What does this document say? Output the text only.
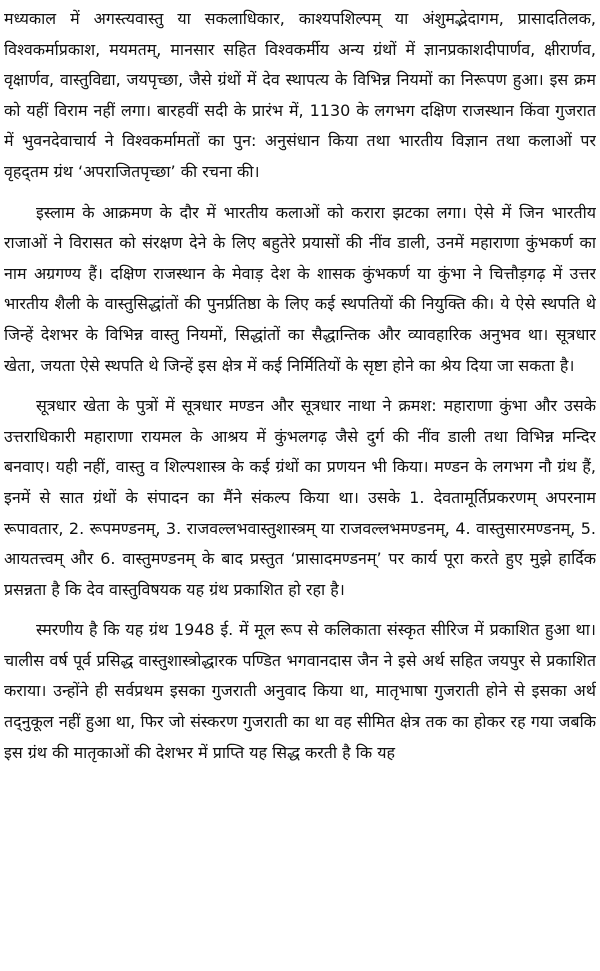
मध्यकाल में अगस्त्यवास्तु या सकलाधिकार, काश्यपशिल्पम् या अंशुमद्भेदागम, प्रासादतिलक, विश्वकर्माप्रकाश, मयमतम्, मानसार सहित विश्वकर्मीय अन्य ग्रंथों में ज्ञानप्रकाशदीपार्णव, क्षीरार्णव, वृक्षार्णव, वास्तुविद्या, जयपृच्छा, जैसे ग्रंथों में देव स्थापत्य के विभिन्न नियमों का निरूपण हुआ। इस क्रम को यहीं विराम नहीं लगा। बारहवीं सदी के प्रारंभ में, 1130 के लगभग दक्षिण राजस्थान किंवा गुजरात में भुवनदेवाचार्य ने विश्वकर्मामतों का पुन: अनुसंधान किया तथा भारतीय विज्ञान तथा कलाओं पर वृहद्तम ग्रंथ ‘अपराजितपृच्छा’ की रचना की।

इस्लाम के आक्रमण के दौर में भारतीय कलाओं को करारा झटका लगा। ऐसे में जिन भारतीय राजाओं ने विरासत को संरक्षण देने के लिए बहुतेरे प्रयासों की नींव डाली, उनमें महाराणा कुंभकर्ण का नाम अग्रगण्य हैं। दक्षिण राजस्थान के मेवाड़ देश के शासक कुंभकर्ण या कुंभा ने चित्तौड़गढ़ में उत्तर भारतीय शैली के वास्तुसिद्धांतों की पुनर्प्रतिष्ठा के लिए कई स्थपतियों की नियुक्ति की। ये ऐसे स्थपति थे जिन्हें देशभर के विभिन्न वास्तु नियमों, सिद्धांतों का सैद्धान्तिक और व्यावहारिक अनुभव था। सूत्रधार खेता, जयता ऐसे स्थपति थे जिन्हें इस क्षेत्र में कई निर्मितियों के सृष्टा होने का श्रेय दिया जा सकता है।

सूत्रधार खेता के पुत्रों में सूत्रधार मण्डन और सूत्रधार नाथा ने क्रमश: महाराणा कुंभा और उसके उत्तराधिकारी महाराणा रायमल के आश्रय में कुंभलगढ़ जैसे दुर्ग की नींव डाली तथा विभिन्न मन्दिर बनवाए। यही नहीं, वास्तु व शिल्पशास्त्र के कई ग्रंथों का प्रणयन भी किया। मण्डन के लगभग नौ ग्रंथ हैं, इनमें से सात ग्रंथों के संपादन का मैंने संकल्प किया था। उसके 1. देवतामूर्तिप्रकरणम् अपरनाम रूपावतार, 2. रूपमण्डनम्, 3. राजवल्लभवास्तुशास्त्रम् या राजवल्लभमण्डनम्, 4. वास्तुसारमण्डनम्, 5. आयतत्त्वम् और 6. वास्तुमण्डनम् के बाद प्रस्तुत ‘प्रासादमण्डनम्’ पर कार्य पूरा करते हुए मुझे हार्दिक प्रसन्नता है कि देव वास्तुविषयक यह ग्रंथ प्रकाशित हो रहा है।

स्मरणीय है कि यह ग्रंथ 1948 ई. में मूल रूप से कलिकाता संस्कृत सीरिज में प्रकाशित हुआ था। चालीस वर्ष पूर्व प्रसिद्ध वास्तुशास्त्रोद्धारक पण्डित भगवानदास जैन ने इसे अर्थ सहित जयपुर से प्रकाशित कराया। उन्होंने ही सर्वप्रथम इसका गुजराती अनुवाद किया था, मातृभाषा गुजराती होने से इसका अर्थ तद्नुकूल नहीं हुआ था, फिर जो संस्करण गुजराती का था वह सीमित क्षेत्र तक का होकर रह गया जबकि इस ग्रंथ की मातृकाओं की देशभर में प्राप्ति यह सिद्ध करती है कि यह
